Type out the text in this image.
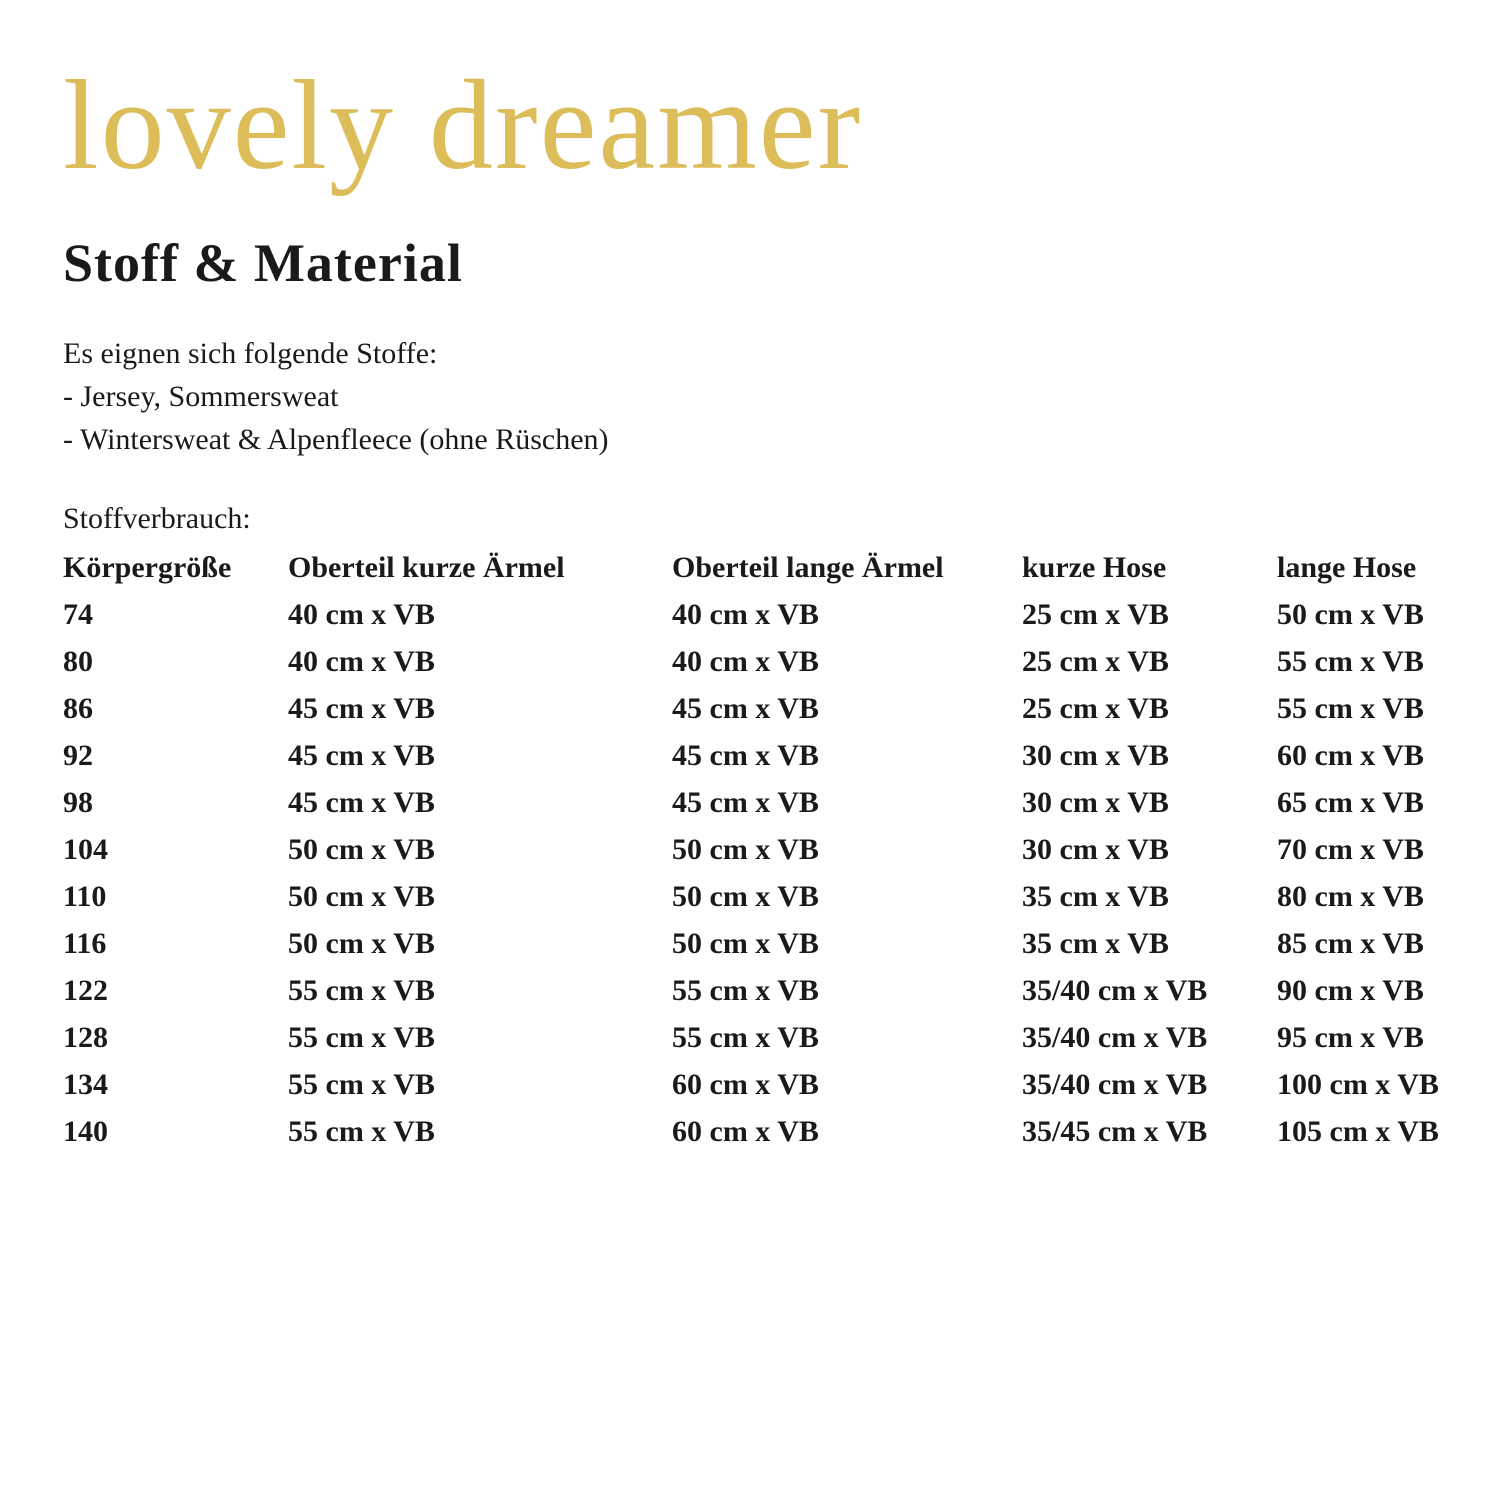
lovely dreamer
Stoff & Material

Es eignen sich folgende Stoffe:

- Jersey, Sommersweat

- Wintersweat & Alpenfleece (ohne Rüschen)

Stoffverbrauch:

Körpergröße	Oberteil kurze Ärmel	Oberteil lange Ärmel	kurze Hose	lange Hose
74	40 cm x VB	40 cm x VB	25 cm x VB	50 cm x VB
80	40 cm x VB	40 cm x VB	25 cm x VB	55 cm x VB
86	45 cm x VB	45 cm x VB	25 cm x VB	55 cm x VB
92	45 cm x VB	45 cm x VB	30 cm x VB	60 cm x VB
98	45 cm x VB	45 cm x VB	30 cm x VB	65 cm x VB
104	50 cm x VB	50 cm x VB	30 cm x VB	70 cm x VB
110	50 cm x VB	50 cm x VB	35 cm x VB	80 cm x VB
116	50 cm x VB	50 cm x VB	35 cm x VB	85 cm x VB
122	55 cm x VB	55 cm x VB	35/40 cm x VB	90 cm x VB
128	55 cm x VB	55 cm x VB	35/40 cm x VB	95 cm x VB
134	55 cm x VB	60 cm x VB	35/40 cm x VB	100 cm x VB
140	55 cm x VB	60 cm x VB	35/45 cm x VB	105 cm x VB
